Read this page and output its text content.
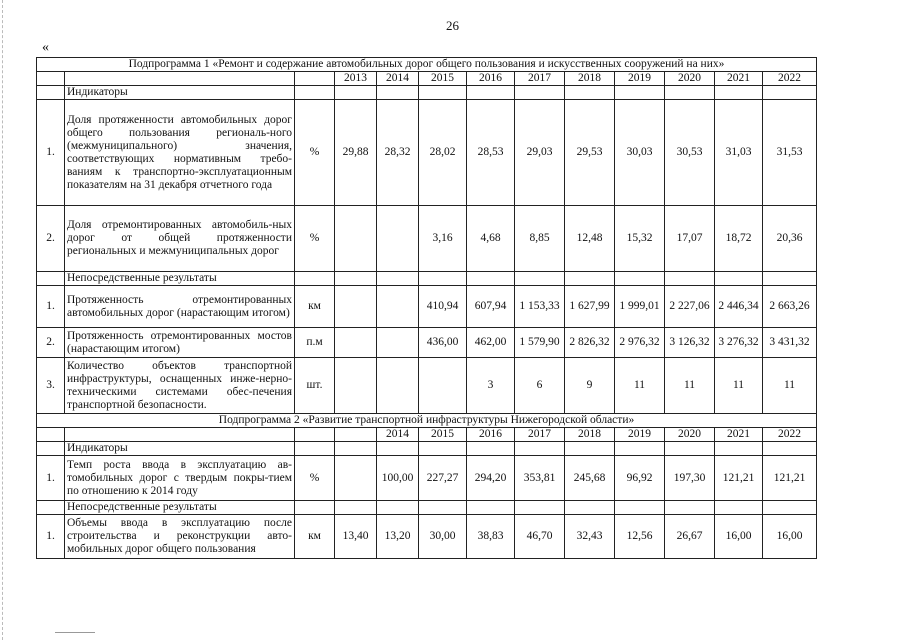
26
«
Подпрограмма 1 «Ремонт и содержание автомобильных дорог общего пользования и искусственных сооружений на них»												
			2013	2014	2015	2016	2017	2018	2019	2020	2021	2022
	Индикаторы											
1.	Доля протяженности автомобильных дорог общего пользования региональ-ного (межмуниципального) значения, соответствующих нормативным требо-ваниям к транспортно-эксплуатационным показателям на 31 декабря отчетного года	%	29,88	28,32	28,02	28,53	29,03	29,53	30,03	30,53	31,03	31,53
2.	Доля отремонтированных автомобиль-ных дорог от общей протяженности региональных и межмуниципальных дорог	%			3,16	4,68	8,85	12,48	15,32	17,07	18,72	20,36
	Непосредственные результаты											
1.	Протяженность отремонтированных автомобильных дорог (нарастающим итогом)	км			410,94	607,94	1 153,33	1 627,99	1 999,01	2 227,06	2 446,34	2 663,26
2.	Протяженность отремонтированных мостов (нарастающим итогом)	п.м			436,00	462,00	1 579,90	2 826,32	2 976,32	3 126,32	3 276,32	3 431,32
3.	Количество объектов транспортной инфраструктуры, оснащенных инже-нерно-техническими системами обес-печения транспортной безопасности.	шт.				3	6	9	11	11	11	11
Подпрограмма 2 «Развитие транспортной инфраструктуры Нижегородской области»												
				2014	2015	2016	2017	2018	2019	2020	2021	2022
	Индикаторы											
1.	Темп роста ввода в эксплуатацию ав-томобильных дорог с твердым покры-тием по отношению к 2014 году	%		100,00	227,27	294,20	353,81	245,68	96,92	197,30	121,21	121,21
	Непосредственные результаты											
1.	Объемы ввода в эксплуатацию после строительства и реконструкции авто-мобильных дорог общего пользования	км	13,40	13,20	30,00	38,83	46,70	32,43	12,56	26,67	16,00	16,00
